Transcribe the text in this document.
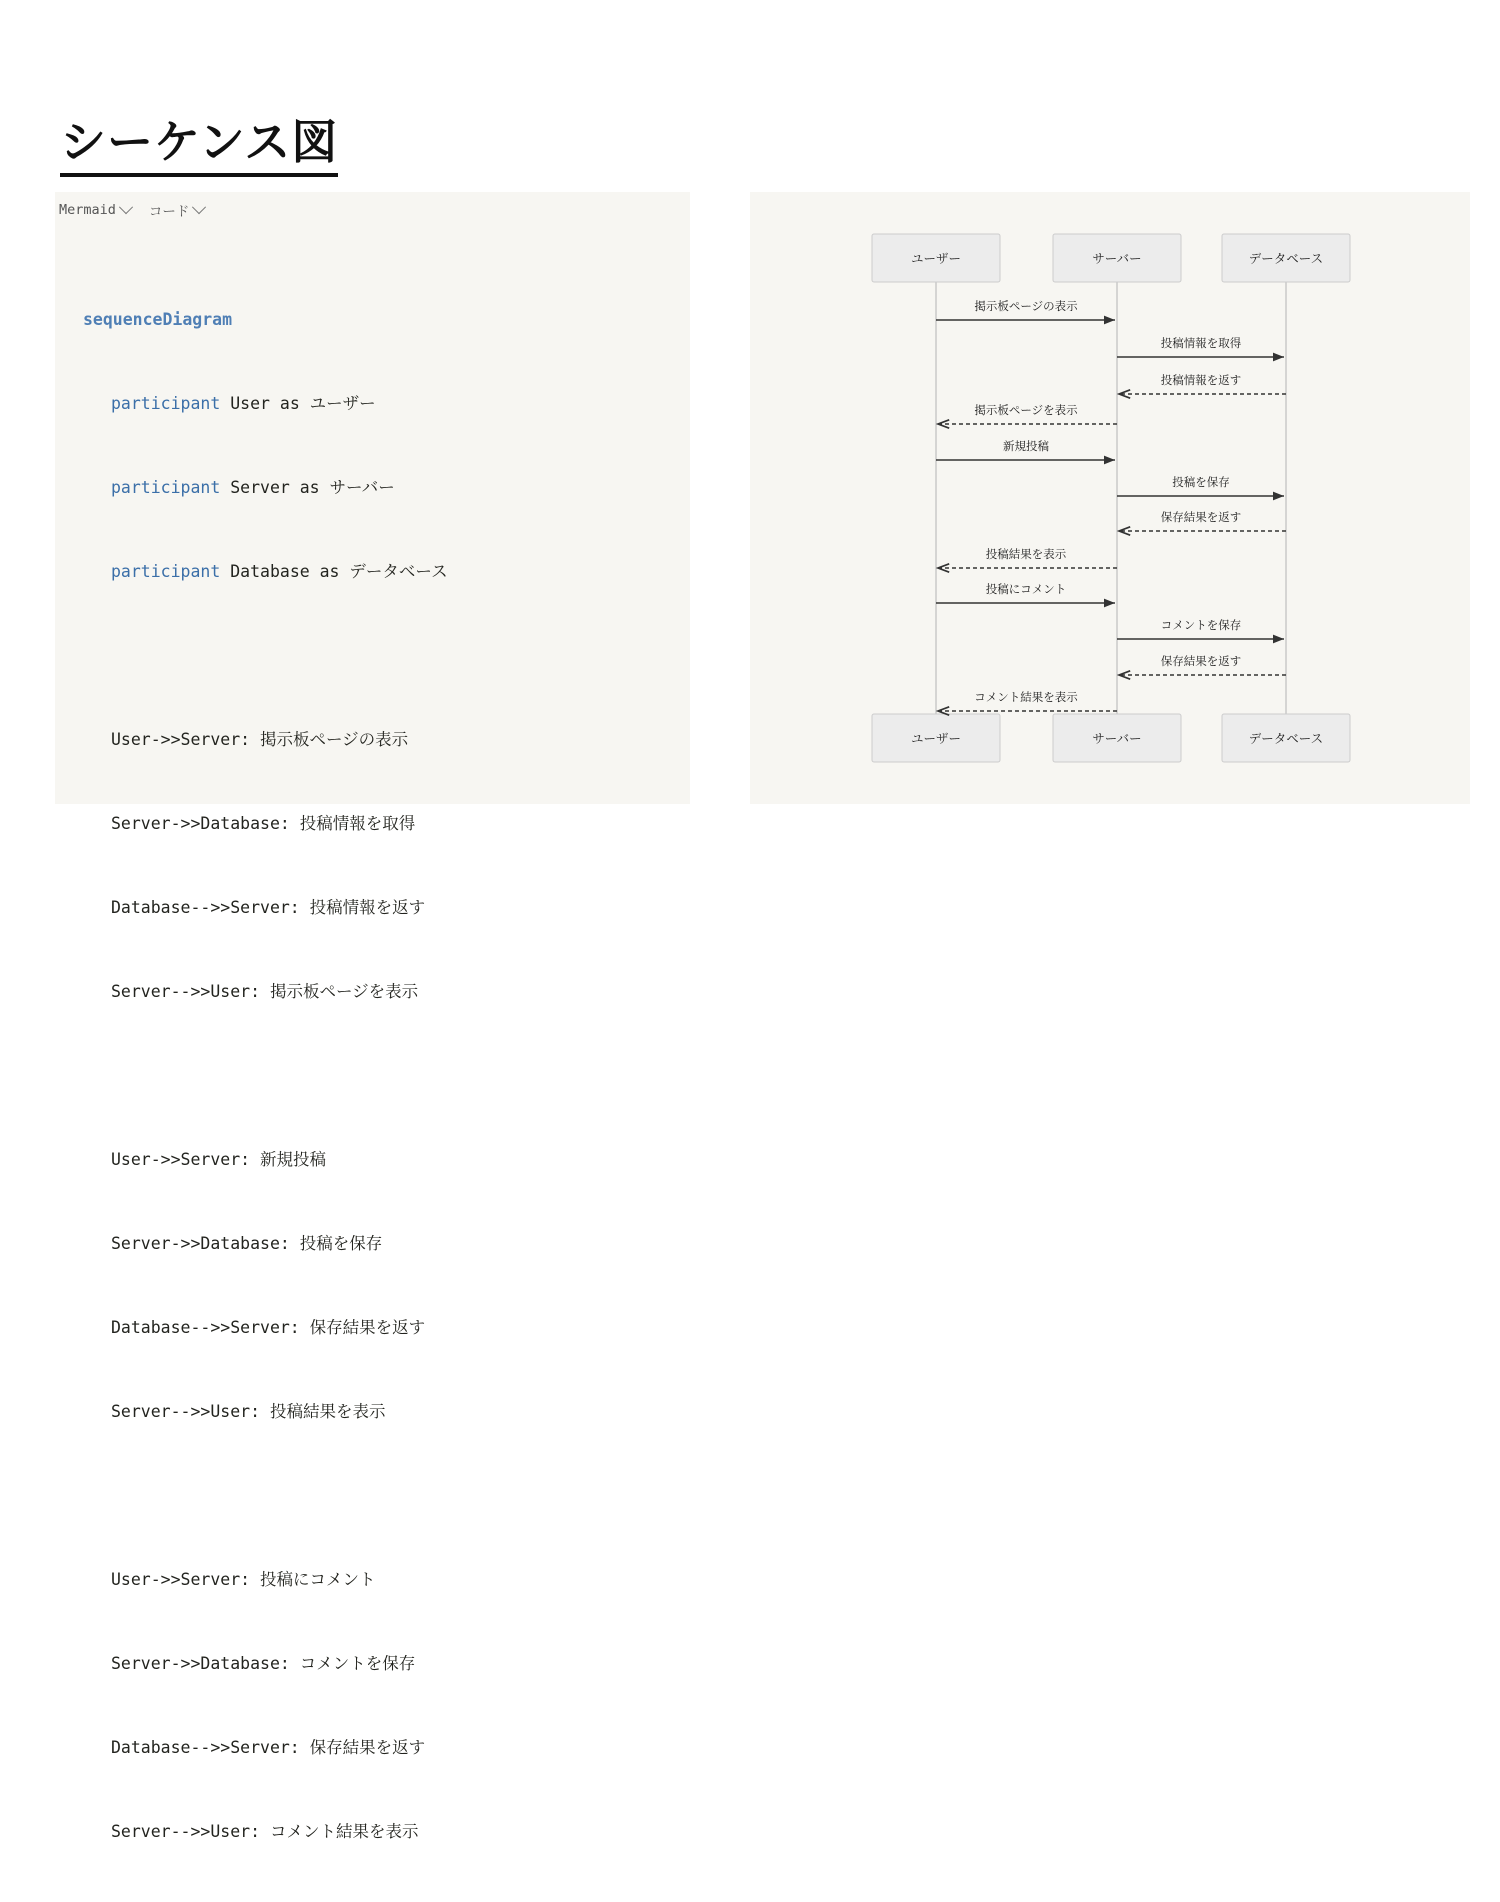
シーケンス図
Mermaid コード

sequenceDiagram

participant User as ユーザー

participant Server as サーバー

participant Database as データベース

User->>Server: 掲示板ページの表示

Server->>Database: 投稿情報を取得

Database-->>Server: 投稿情報を返す

Server-->>User: 掲示板ページを表示

User->>Server: 新規投稿

Server->>Database: 投稿を保存

Database-->>Server: 保存結果を返す

Server-->>User: 投稿結果を表示

User->>Server: 投稿にコメント

Server->>Database: コメントを保存

Database-->>Server: 保存結果を返す

Server-->>User: コメント結果を表示

ユーザー	サーバー	データベース
ユーザー	サーバー	データベース
掲示板ページの表示
投稿情報を取得
投稿情報を返す
掲示板ページを表示
新規投稿
投稿を保存
保存結果を返す
投稿結果を表示
投稿にコメント
コメントを保存
保存結果を返す
コメント結果を表示
